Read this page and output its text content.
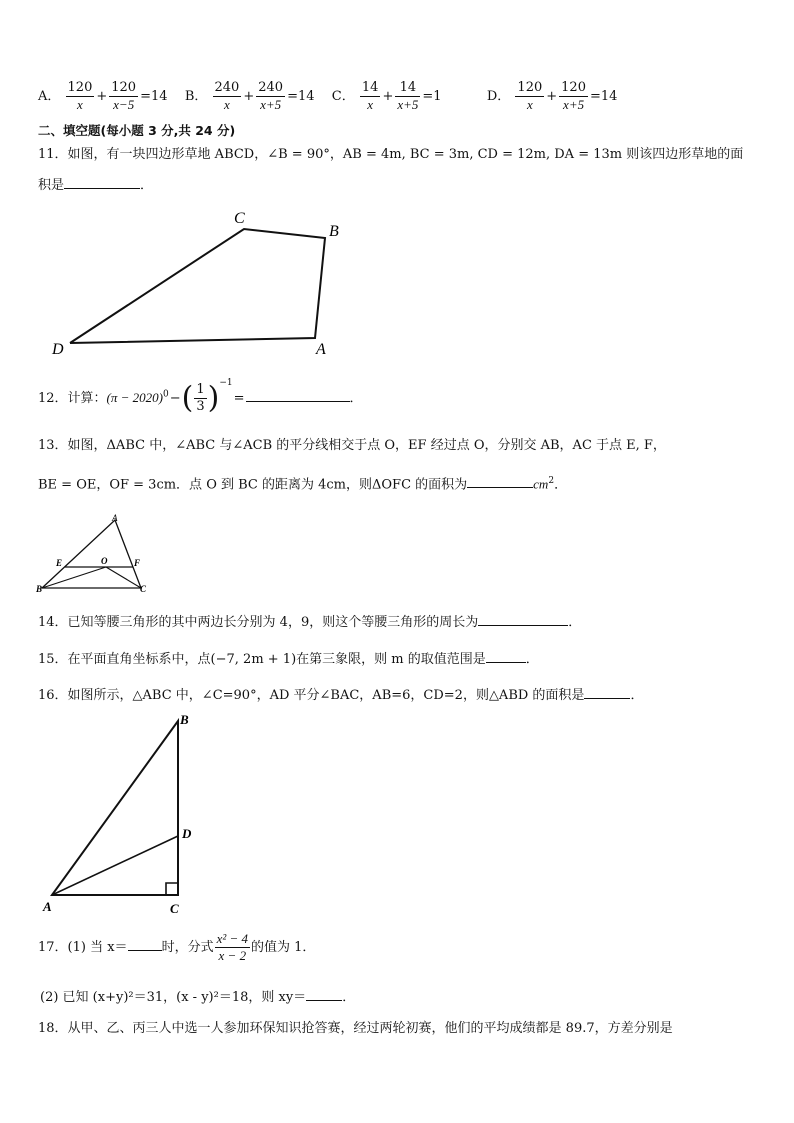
A． $\frac{120}{x} + \frac{120}{x-5} =14$ B． $\frac{240}{x} + \frac{240}{x+5} =14$ C． $\frac{14}{x} + \frac{14}{x+5} =1$	D． $\frac{120}{x} + \frac{120}{x+5} =14$
二、填空题(每小题 3 分,共 24 分)
11．如图，有一块四边形草地 ABCD，∠B = 90°，AB = 4m, BC = 3m, CD = 12m, DA = 13m 则该四边形草地的面
积是	．
C
B
D	A
12．计算：$(\pi - 2020)^0-( \frac{1}{3} )^{-1}=$	．
13．如图，ΔABC 中，∠ABC 与∠ACB 的平分线相交于点 O，EF 经过点 O，分别交 AB，AC 于点 E, F，
BE = OE，OF = 3cm．点 O 到 BC 的距离为 4cm，则ΔOFC 的面积为	$cm^2$．
A
E	O	F
B	C
14．已知等腰三角形的其中两边长分别为 4，9，则这个等腰三角形的周长为	．
15．在平面直角坐标系中，点(−7, 2m + 1)在第三象限，则 m 的取值范围是	．
16．如图所示，△ABC 中，∠C=90°，AD 平分∠BAC，AB=6，CD=2，则△ABD 的面积是	．
B
D
A	C
17．(1) 当 x＝	时，分式 $\frac{\text{x² − 4}}{x - 2}$ 的值为 1．
(2) 已知 (x+y)²＝31，(x - y)²＝18，则 xy＝	．
18．从甲、乙、丙三人中选一人参加环保知识抢答赛，经过两轮初赛，他们的平均成绩都是 89.7，方差分别是
